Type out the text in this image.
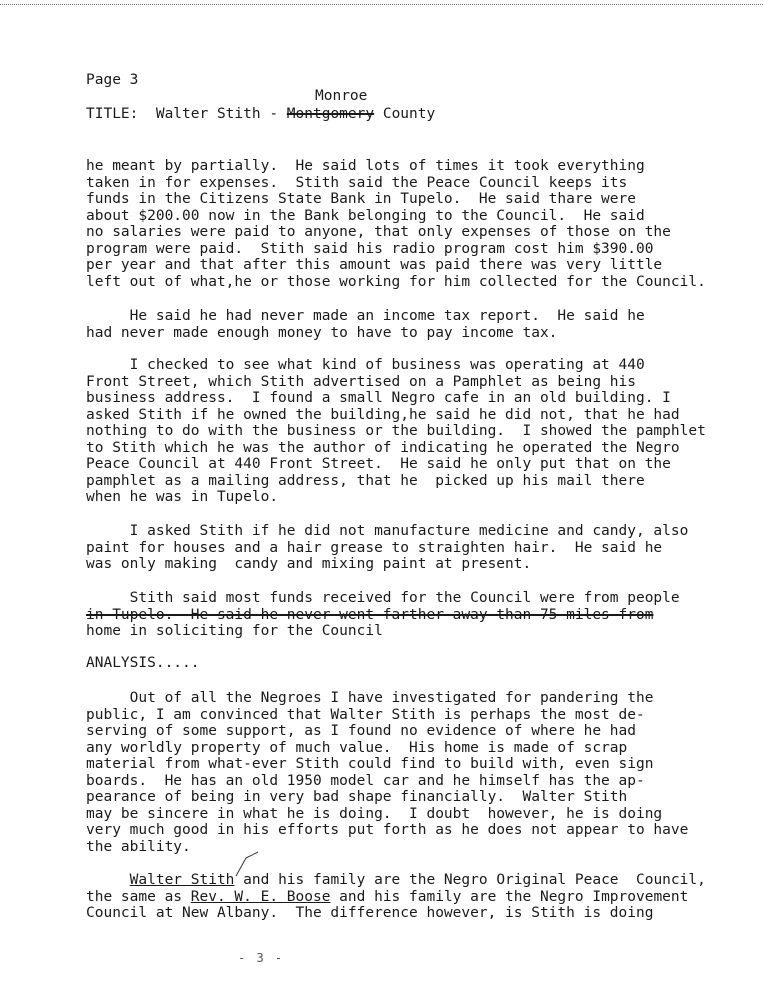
Page 3
Monroe
TITLE:  Walter Stith - Montgomery County
he meant by partially.  He said lots of times it took everything
taken in for expenses.  Stith said the Peace Council keeps its
funds in the Citizens State Bank in Tupelo.  He said thare were
about $200.00 now in the Bank belonging to the Council.  He said
no salaries were paid to anyone, that only expenses of those on the
program were paid.  Stith said his radio program cost him $390.00
per year and that after this amount was paid there was very little
left out of what,he or those working for him collected for the Council.
He said he had never made an income tax report.  He said he
had never made enough money to have to pay income tax.
I checked to see what kind of business was operating at 440
Front Street, which Stith advertised on a Pamphlet as being his
business address.  I found a small Negro cafe in an old building. I
asked Stith if he owned the building,he said he did not, that he had
nothing to do with the business or the building.  I showed the pamphlet
to Stith which he was the author of indicating he operated the Negro
Peace Council at 440 Front Street.  He said he only put that on the
pamphlet as a mailing address, that he  picked up his mail there
when he was in Tupelo.
I asked Stith if he did not manufacture medicine and candy, also
paint for houses and a hair grease to straighten hair.  He said he
was only making  candy and mixing paint at present.
Stith said most funds received for the Council were from people
in Tupelo.  He said he never went farther away than 75 miles from
home in soliciting for the Council
ANALYSIS.....
Out of all the Negroes I have investigated for pandering the
public, I am convinced that Walter Stith is perhaps the most de-
serving of some support, as I found no evidence of where he had
any worldly property of much value.  His home is made of scrap
material from what-ever Stith could find to build with, even sign
boards.  He has an old 1950 model car and he himself has the ap-
pearance of being in very bad shape financially.  Walter Stith
may be sincere in what he is doing.  I doubt  however, he is doing
very much good in his efforts put forth as he does not appear to have
the ability.
Walter Stith and his family are the Negro Original Peace  Council,
the same as Rev. W. E. Boose and his family are the Negro Improvement
Council at New Albany.  The difference however, is Stith is doing
- 3 -
